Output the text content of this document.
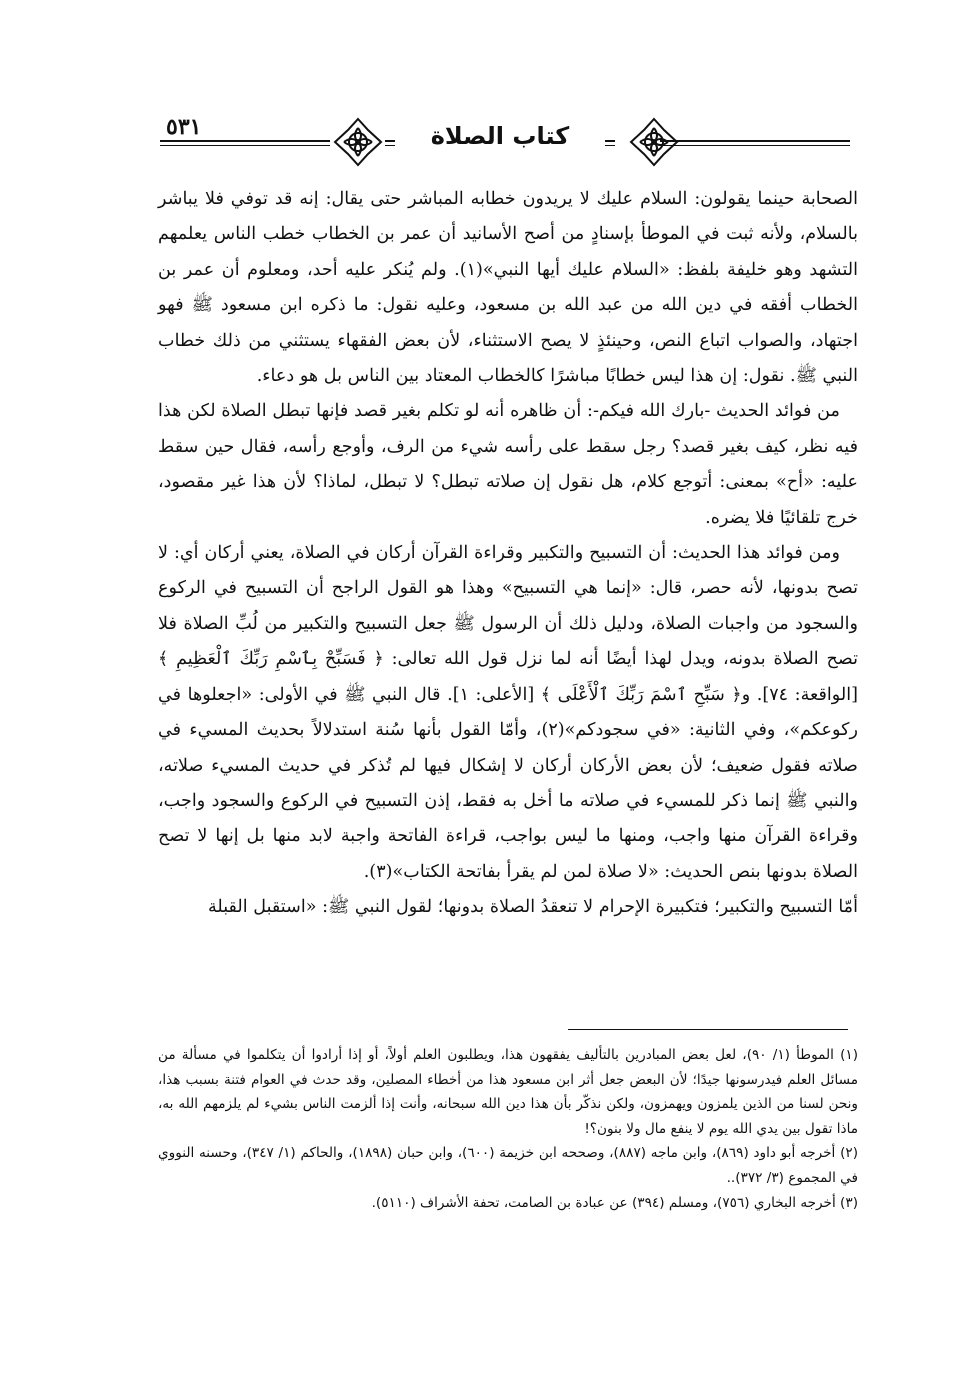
كتاب الصلاة
٥٣١

الصحابة حينما يقولون: السلام عليك لا يريدون خطابه المباشر حتى يقال: إنه قد توفي فلا يباشر بالسلام، ولأنه ثبت في الموطأ بإسنادٍ من أصح الأسانيد أن عمر بن الخطاب خطب الناس يعلمهم التشهد وهو خليفة بلفظ: «السلام عليك أيها النبي»(١). ولم يُنكر عليه أحد، ومعلوم أن عمر بن الخطاب أفقه في دين الله من عبد الله بن مسعود، وعليه نقول: ما ذكره ابن مسعود ﷺ فهو اجتهاد، والصواب اتباع النص، وحينئذٍ لا يصح الاستثناء، لأن بعض الفقهاء يستثني من ذلك خطاب النبي ﷺ. نقول: إن هذا ليس خطابًا مباشرًا كالخطاب المعتاد بين الناس بل هو دعاء.

من فوائد الحديث -بارك الله فيكم-: أن ظاهره أنه لو تكلم بغير قصد فإنها تبطل الصلاة لكن هذا فيه نظر، كيف بغير قصد؟ رجل سقط على رأسه شيء من الرف، وأوجع رأسه، فقال حين سقط عليه: «أح» بمعنى: أتوجع كلام، هل نقول إن صلاته تبطل؟ لا تبطل، لماذا؟ لأن هذا غير مقصود، خرج تلقائيًا فلا يضره.

ومن فوائد هذا الحديث: أن التسبيح والتكبير وقراءة القرآن أركان في الصلاة، يعني أركان أي: لا تصح بدونها، لأنه حصر، قال: «إنما هي التسبيح» وهذا هو القول الراجح أن التسبيح في الركوع والسجود من واجبات الصلاة، ودليل ذلك أن الرسول ﷺ جعل التسبيح والتكبير من لُبِّ الصلاة فلا تصح الصلاة بدونه، ويدل لهذا أيضًا أنه لما نزل قول الله تعالى: ﴿ فَسَبِّحْ بِٱسْمِ رَبِّكَ ٱلْعَظِيمِ ﴾ [الواقعة: ٧٤]. و﴿ سَبِّحِ ٱسْمَ رَبِّكَ ٱلْأَعْلَى ﴾ [الأعلى: ١]. قال النبي ﷺ في الأولى: «اجعلوها في ركوعكم»، وفي الثانية: «في سجودكم»(٢)، وأمّا القول بأنها سُنة استدلالاً بحديث المسيء في صلاته فقول ضعيف؛ لأن بعض الأركان أركان لا إشكال فيها لم تُذكر في حديث المسيء صلاته، والنبي ﷺ إنما ذكر للمسيء في صلاته ما أخل به فقط، إذن التسبيح في الركوع والسجود واجب، وقراءة القرآن منها واجب، ومنها ما ليس بواجب، قراءة الفاتحة واجبة لابد منها بل إنها لا تصح الصلاة بدونها بنص الحديث: «لا صلاة لمن لم يقرأ بفاتحة الكتاب»(٣).

أمّا التسبيح والتكبير؛ فتكبيرة الإحرام لا تنعقدُ الصلاة بدونها؛ لقول النبي ﷺ: «استقبل القبلة

(١) الموطأ (١/ ٩٠)، لعل بعض المبادرين بالتأليف يفقهون هذا، ويطلبون العلم أولاً، أو إذا أرادوا أن يتكلموا في مسألة من مسائل العلم فيدرسونها جيدًا؛ لأن البعض جعل أثر ابن مسعود هذا من أخطاء المصلين، وقد حدث في العوام فتنة بسبب هذا، ونحن لسنا من الذين يلمزون ويهمزون، ولكن نذكّر بأن هذا دين الله سبحانه، وأنت إذا ألزمت الناس بشيء لم يلزمهم الله به، ماذا تقول بين يدي الله يوم لا ينفع مال ولا بنون؟!

(٢) أخرجه أبو داود (٨٦٩)، وابن ماجه (٨٨٧)، وصححه ابن خزيمة (٦٠٠)، وابن حبان (١٨٩٨)، والحاكم (١/ ٣٤٧)، وحسنه النووي في المجموع (٣/ ٣٧٢)..

(٣) أخرجه البخاري (٧٥٦)، ومسلم (٣٩٤) عن عبادة بن الصامت، تحفة الأشراف (٥١١٠).
